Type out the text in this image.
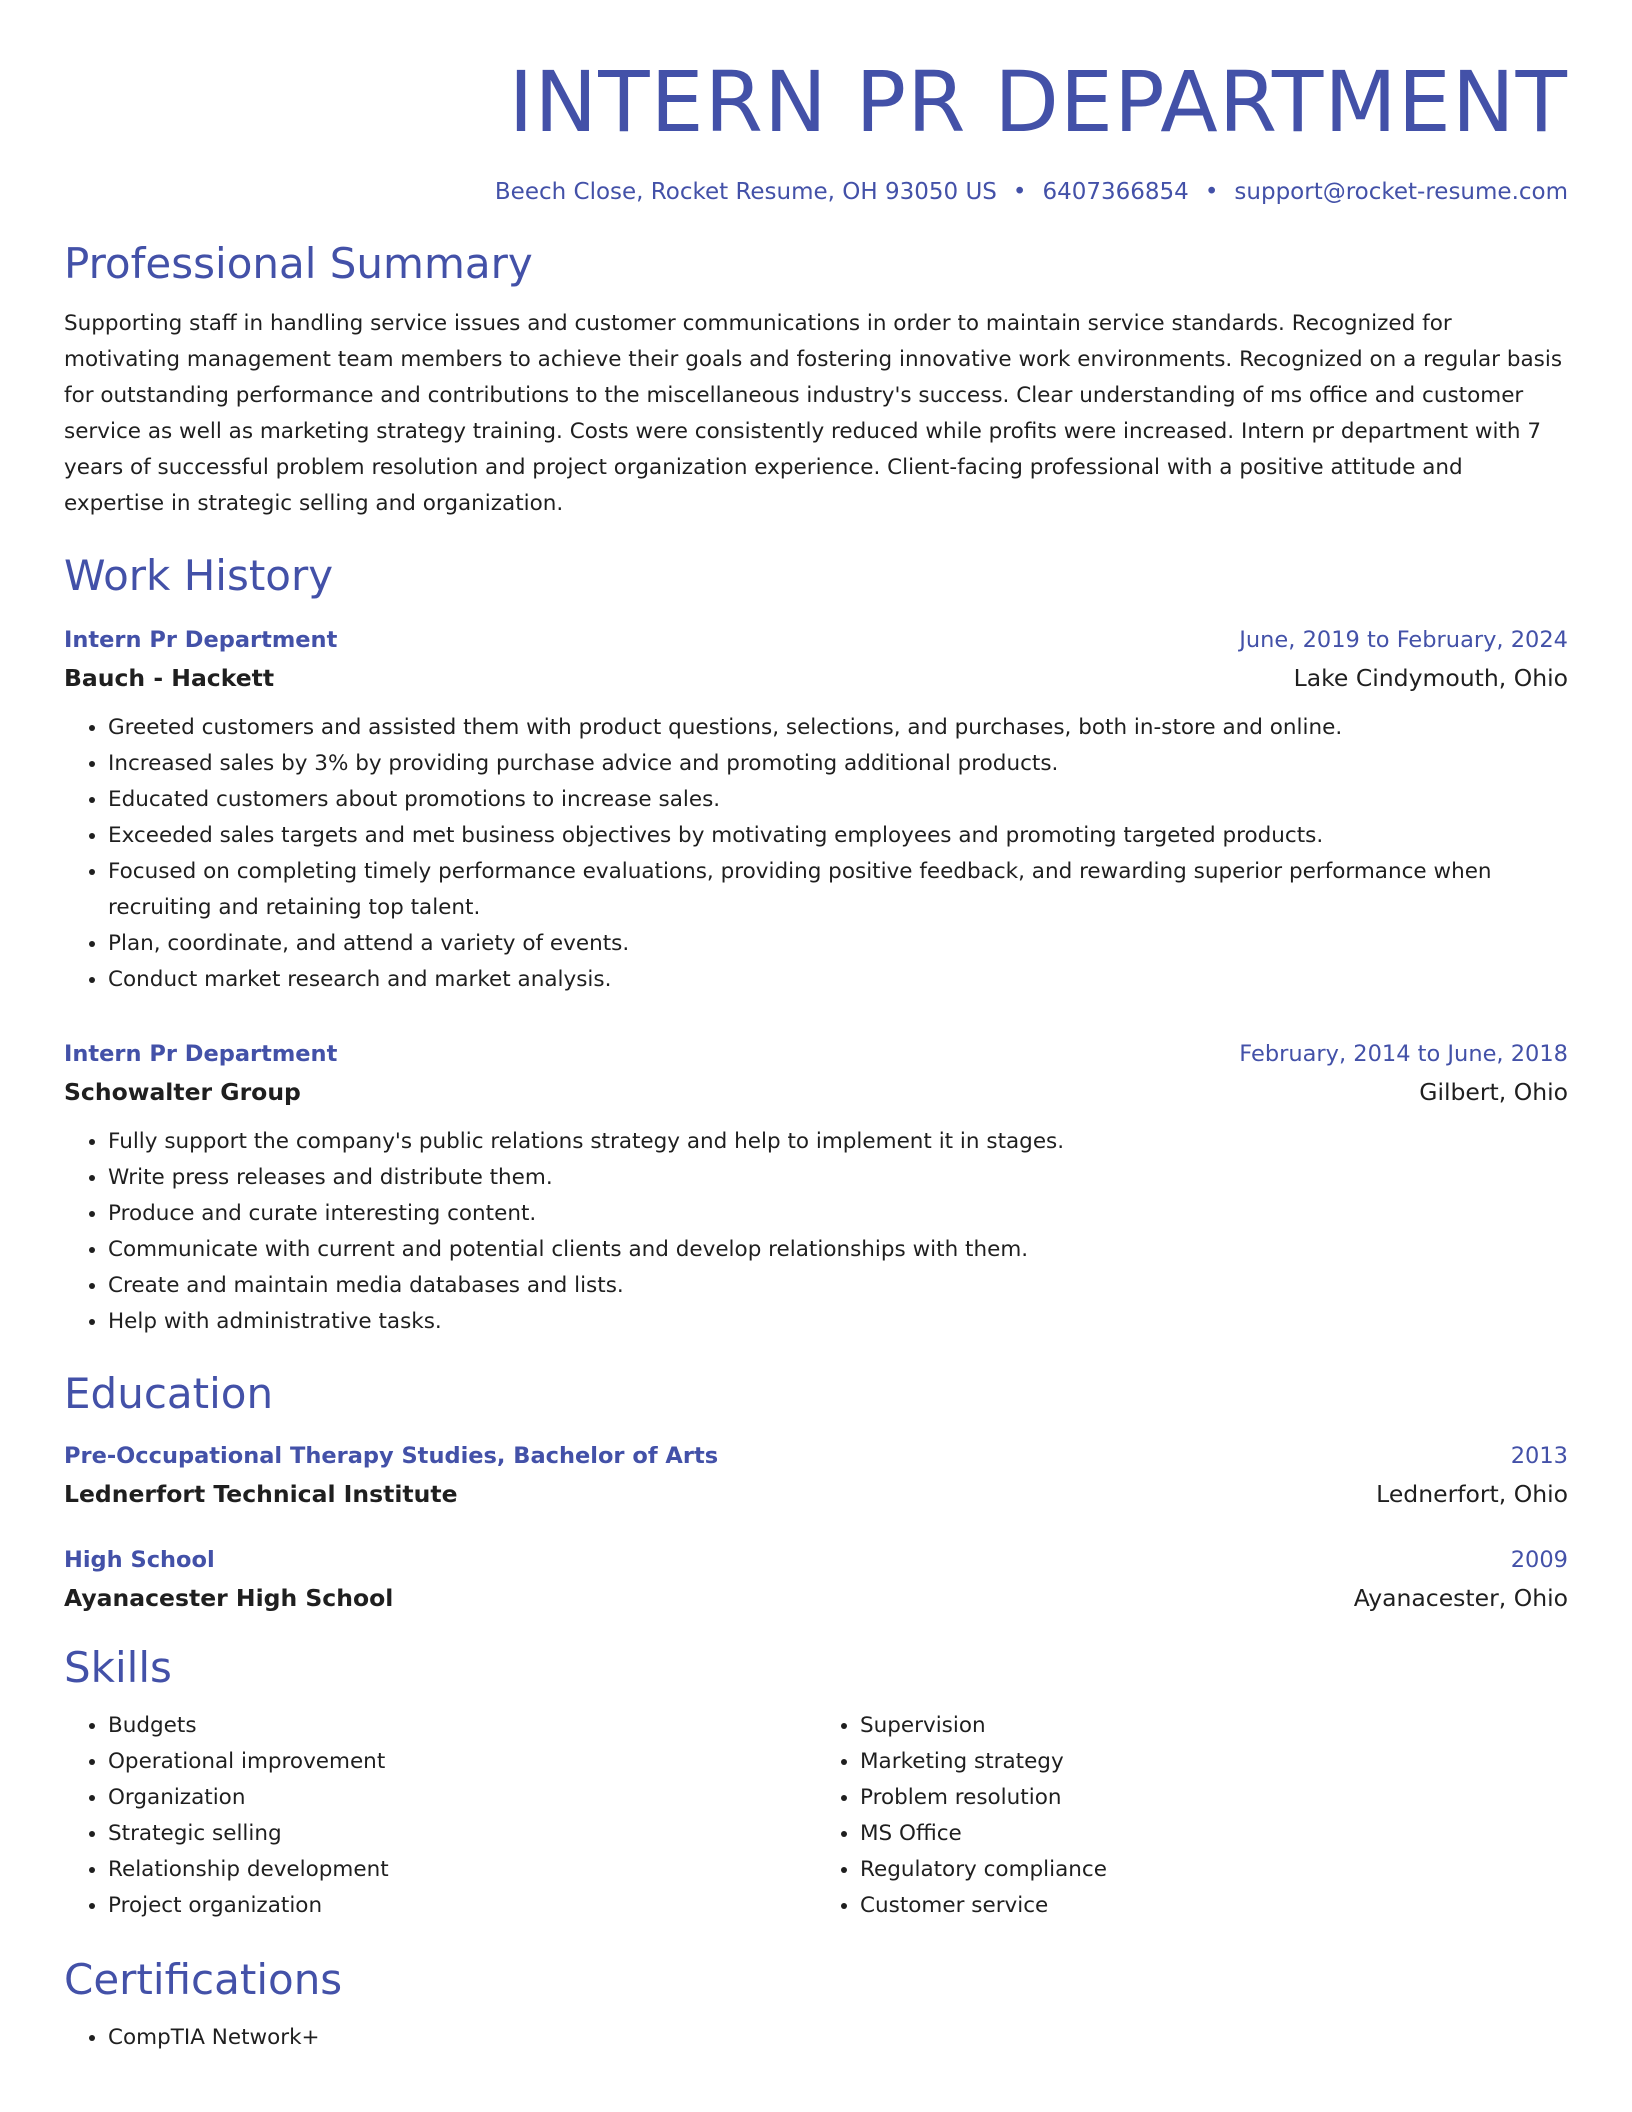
INTERN PR DEPARTMENT
Beech Close, Rocket Resume, OH 93050 US • 6407366854 • support@rocket-resume.com
Professional Summary
Supporting staff in handling service issues and customer communications in order to maintain service standards. Recognized for motivating management team members to achieve their goals and fostering innovative work environments. Recognized on a regular basis for outstanding performance and contributions to the miscellaneous industry's success. Clear understanding of ms office and customer service as well as marketing strategy training. Costs were consistently reduced while profits were increased. Intern pr department with 7 years of successful problem resolution and project organization experience. Client-facing professional with a positive attitude and expertise in strategic selling and organization.
Work History
Intern Pr Department	June, 2019 to February, 2024
Bauch - Hackett	Lake Cindymouth, Ohio
• Greeted customers and assisted them with product questions, selections, and purchases, both in-store and online.
• Increased sales by 3% by providing purchase advice and promoting additional products.
• Educated customers about promotions to increase sales.
• Exceeded sales targets and met business objectives by motivating employees and promoting targeted products.
• Focused on completing timely performance evaluations, providing positive feedback, and rewarding superior performance when recruiting and retaining top talent.
• Plan, coordinate, and attend a variety of events.
• Conduct market research and market analysis.
Intern Pr Department	February, 2014 to June, 2018
Schowalter Group	Gilbert, Ohio
• Fully support the company's public relations strategy and help to implement it in stages.
• Write press releases and distribute them.
• Produce and curate interesting content.
• Communicate with current and potential clients and develop relationships with them.
• Create and maintain media databases and lists.
• Help with administrative tasks.
Education
Pre-Occupational Therapy Studies, Bachelor of Arts	2013
Lednerfort Technical Institute	Lednerfort, Ohio
High School	2009
Ayanacester High School	Ayanacester, Ohio
Skills
• Budgets
• Operational improvement
• Organization
• Strategic selling
• Relationship development
• Project organization
• Supervision
• Marketing strategy
• Problem resolution
• MS Office
• Regulatory compliance
• Customer service
Certifications
• CompTIA Network+
